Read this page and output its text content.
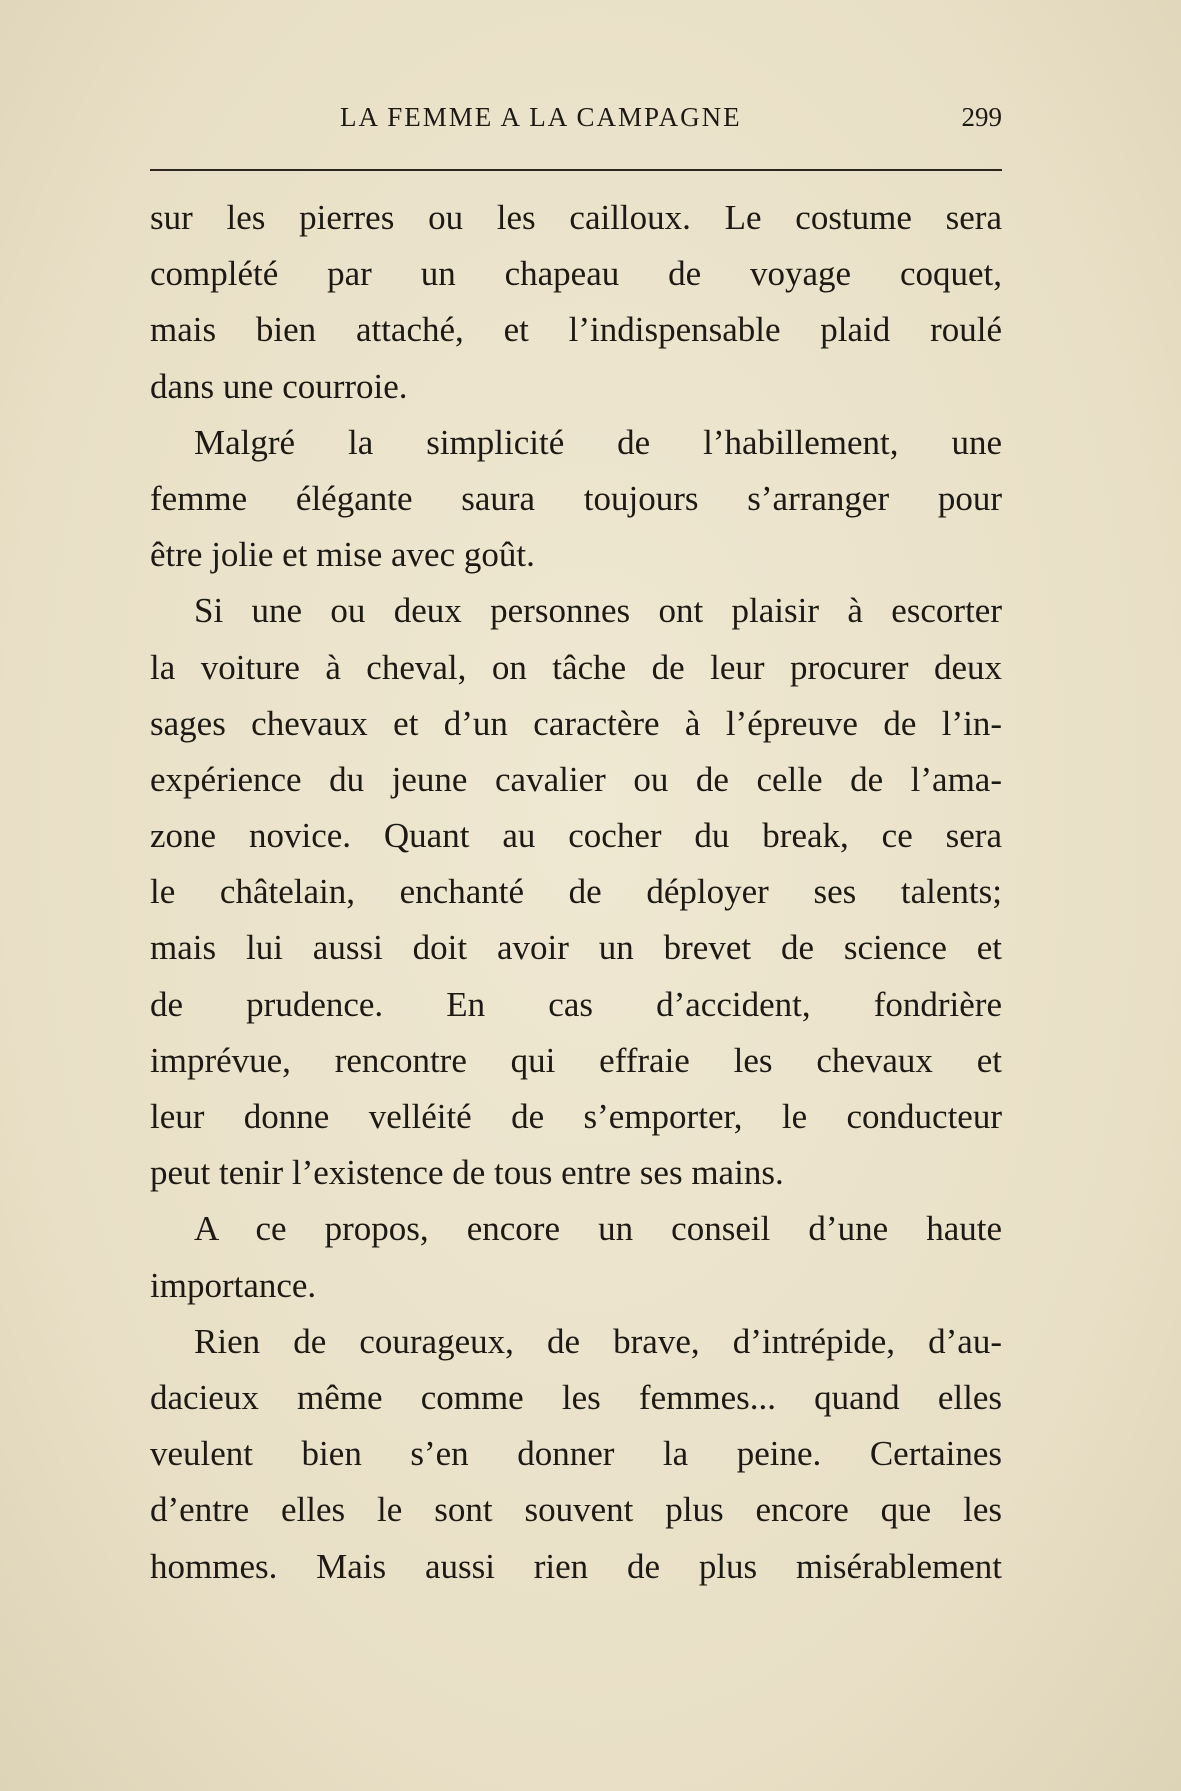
LA FEMME A LA CAMPAGNE	299
sur les pierres ou les cailloux. Le costume sera
complété par un chapeau de voyage coquet,
mais bien attaché, et l’indispensable plaid roulé
dans une courroie.
Malgré la simplicité de l’habillement, une
femme élégante saura toujours s’arranger pour
être jolie et mise avec goût.
Si une ou deux personnes ont plaisir à escorter
la voiture à cheval, on tâche de leur procurer deux
sages chevaux et d’un caractère à l’épreuve de l’in-
expérience du jeune cavalier ou de celle de l’ama-
zone novice. Quant au cocher du break, ce sera
le châtelain, enchanté de déployer ses talents;
mais lui aussi doit avoir un brevet de science et
de prudence. En cas d’accident, fondrière
imprévue, rencontre qui effraie les chevaux et
leur donne velléité de s’emporter, le conducteur
peut tenir l’existence de tous entre ses mains.
A ce propos, encore un conseil d’une haute
importance.
Rien de courageux, de brave, d’intrépide, d’au-
dacieux même comme les femmes... quand elles
veulent bien s’en donner la peine. Certaines
d’entre elles le sont souvent plus encore que les
hommes. Mais aussi rien de plus misérablement
